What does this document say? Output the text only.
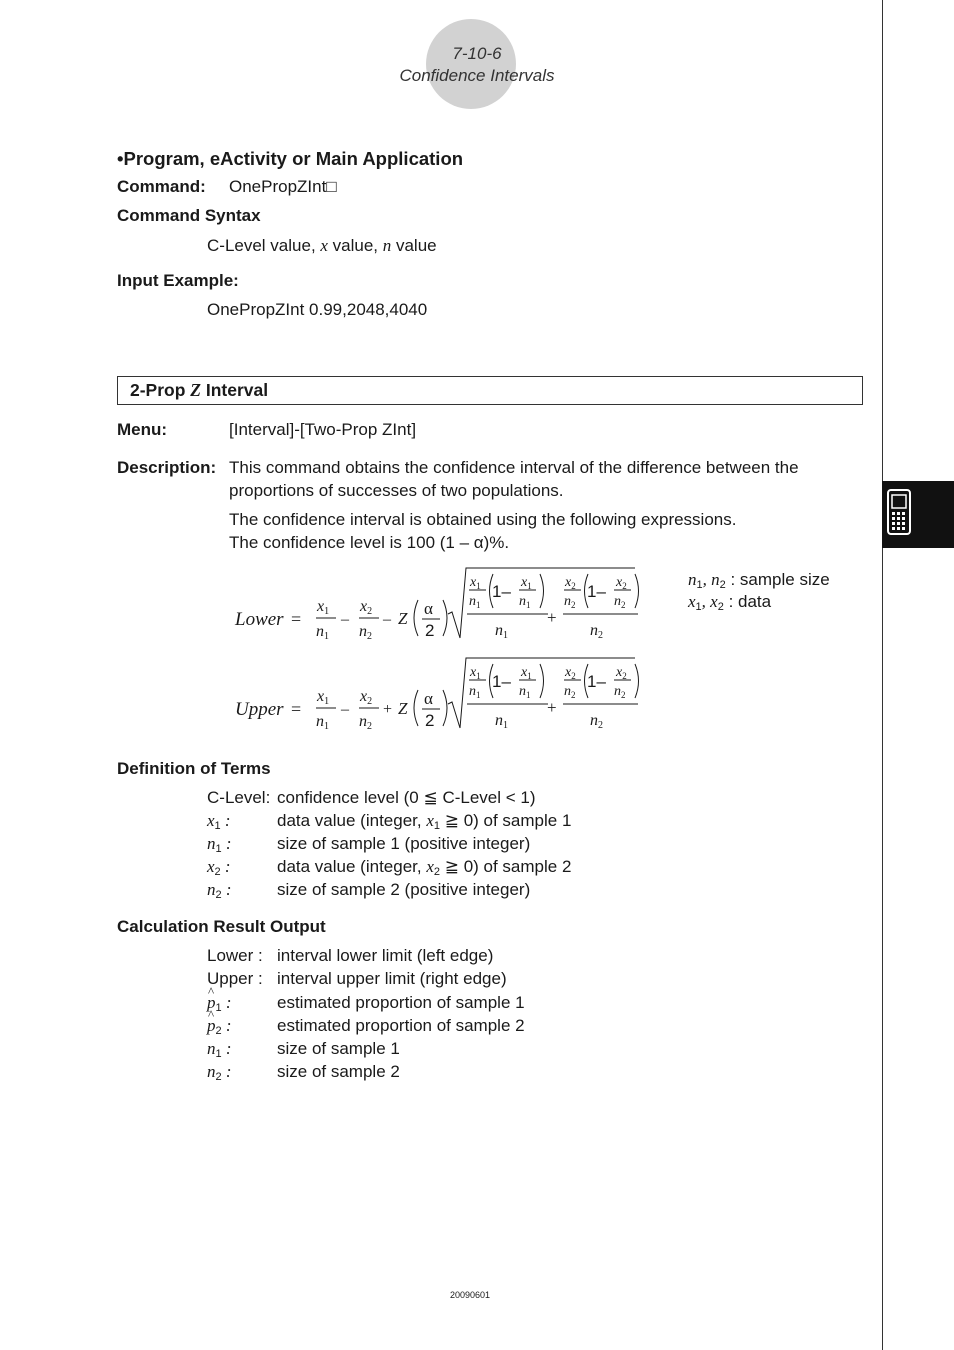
7-10-6
Confidence Intervals
•Program, eActivity or Main Application
Command: OnePropZInt□
Command Syntax
C-Level value, x value, n value
Input Example:
OnePropZInt 0.99,2048,4040
2-Prop Z Interval
Menu:	[Interval]-[Two-Prop ZInt]
Description: This command obtains the confidence interval of the difference between the
proportions of successes of two populations.
The confidence interval is obtained using the following expressions.
The confidence level is 100 (1 – α)%.
Lower =
x1
n1
–
x2
n2
– Z
α
2
$x_1$
$n_1$
1– $x_1$
$n_1$
n1
+
$x_2$
$n_2$
1– $x_2$
$n_2$
n2
Upper =
x1
n1
–
x2
n2
+ Z
α
2
$x_1$
$n_1$
1– $x_1$
$n_1$
n1
+
$x_2$
$n_2$
1– $x_2$
$n_2$
n2
$n_1$, $n_2$ : sample size
$x_1$, $x_2$ : data
Definition of Terms
C-Level: confidence level (0 ≦ C-Level < 1)
$x_1$ :	data value (integer, $x_1$ ≧ 0) of sample 1
$n_1$ :	size of sample 1 (positive integer)
$x_2$ :	data value (integer, $x_2$ ≧ 0) of sample 2
$n_2$ :	size of sample 2 (positive integer)
Calculation Result Output
Lower : interval lower limit (left edge)
Upper : interval upper limit (right edge)
^ $p_1$ :	estimated proportion of sample 1
^ $p_2$ :	estimated proportion of sample 2
$n_1$ :	size of sample 1
$n_2$ :	size of sample 2
20090601
